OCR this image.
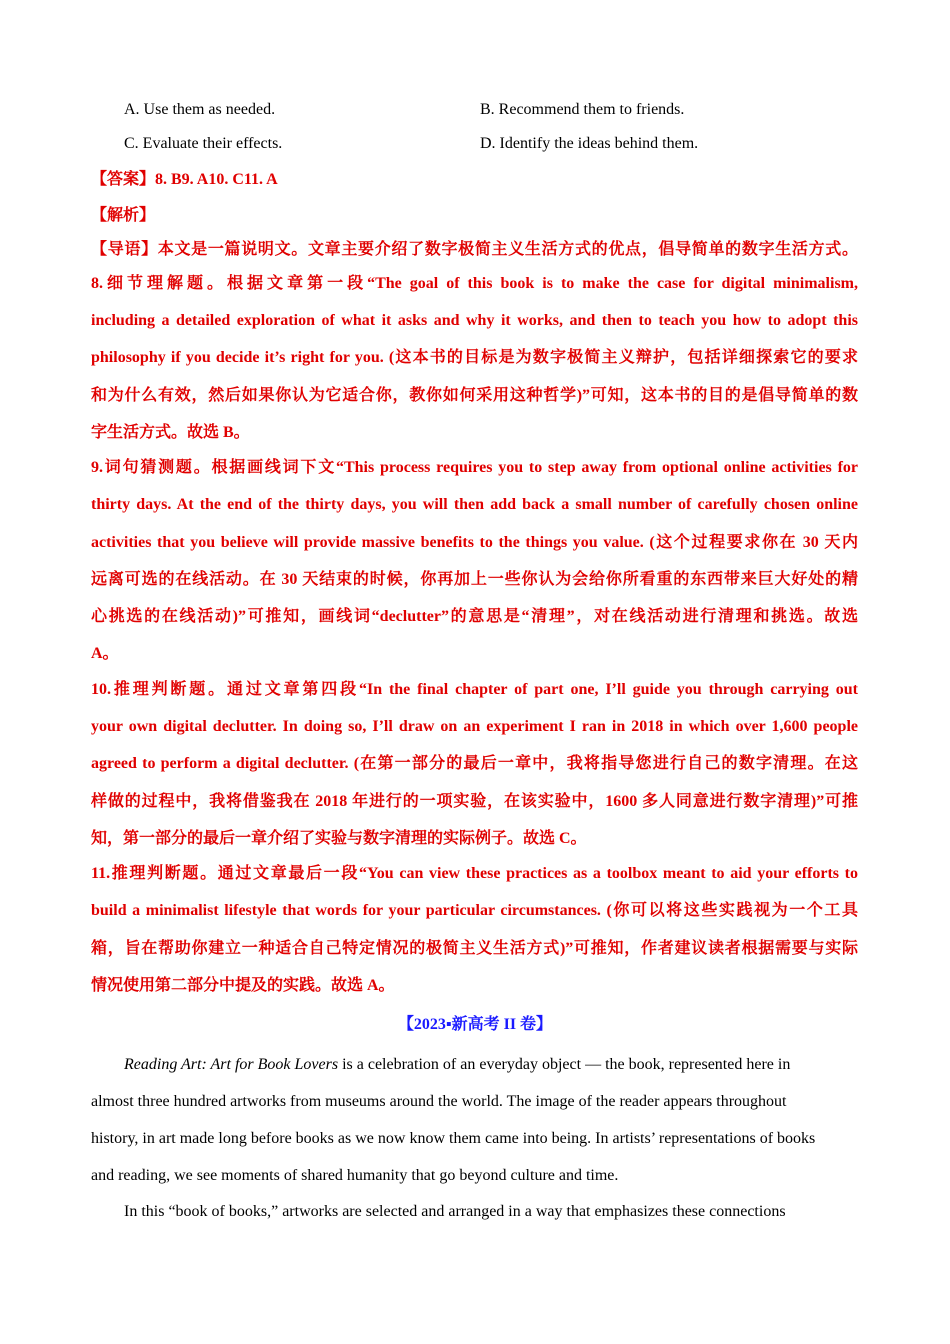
A. Use them as needed.	B. Recommend them to friends.
C. Evaluate their effects.	D. Identify the ideas behind them.
【答案】8. B9. A10. C11. A
【解析】
【导语】本文是一篇说明文。文章主要介绍了数字极简主义生活方式的优点，倡导简单的数字生活方式。
8.细节理解题。根据文章第一段“The goal of this book is to make the case for digital minimalism,
including a detailed exploration of what it asks and why it works, and then to teach you how to adopt this
philosophy if you decide it’s right for you. (这本书的目标是为数字极简主义辩护，包括详细探索它的要求
和为什么有效，然后如果你认为它适合你，教你如何采用这种哲学)”可知，这本书的目的是倡导简单的数
字生活方式。故选 B。
9.词句猜测题。根据画线词下文“This process requires you to step away from optional online activities for
thirty days. At the end of the thirty days, you will then add back a small number of carefully chosen online
activities that you believe will provide massive benefits to the things you value. (这个过程要求你在 30 天内
远离可选的在线活动。在 30 天结束的时候，你再加上一些你认为会给你所看重的东西带来巨大好处的精
心挑选的在线活动)”可推知，画线词“declutter”的意思是“清理”，对在线活动进行清理和挑选。故选
A。
10.推理判断题。通过文章第四段“In the final chapter of part one, I’ll guide you through carrying out
your own digital declutter. In doing so, I’ll draw on an experiment I ran in 2018 in which over 1,600 people
agreed to perform a digital declutter. (在第一部分的最后一章中，我将指导您进行自己的数字清理。在这
样做的过程中，我将借鉴我在 2018 年进行的一项实验，在该实验中，1600 多人同意进行数字清理)”可推
知，第一部分的最后一章介绍了实验与数字清理的实际例子。故选 C。
11.推理判断题。通过文章最后一段“You can view these practices as a toolbox meant to aid your efforts to
build a minimalist lifestyle that words for your particular circumstances. (你可以将这些实践视为一个工具
箱，旨在帮助你建立一种适合自己特定情况的极简主义生活方式)”可推知，作者建议读者根据需要与实际
情况使用第二部分中提及的实践。故选 A。
【2023▪新高考 II 卷】
Reading Art: Art for Book Lovers is a celebration of an everyday object — the book, represented here in
almost three hundred artworks from museums around the world. The image of the reader appears throughout
history, in art made long before books as we now know them came into being. In artists’ representations of books
and reading, we see moments of shared humanity that go beyond culture and time.
In this “book of books,” artworks are selected and arranged in a way that emphasizes these connections
